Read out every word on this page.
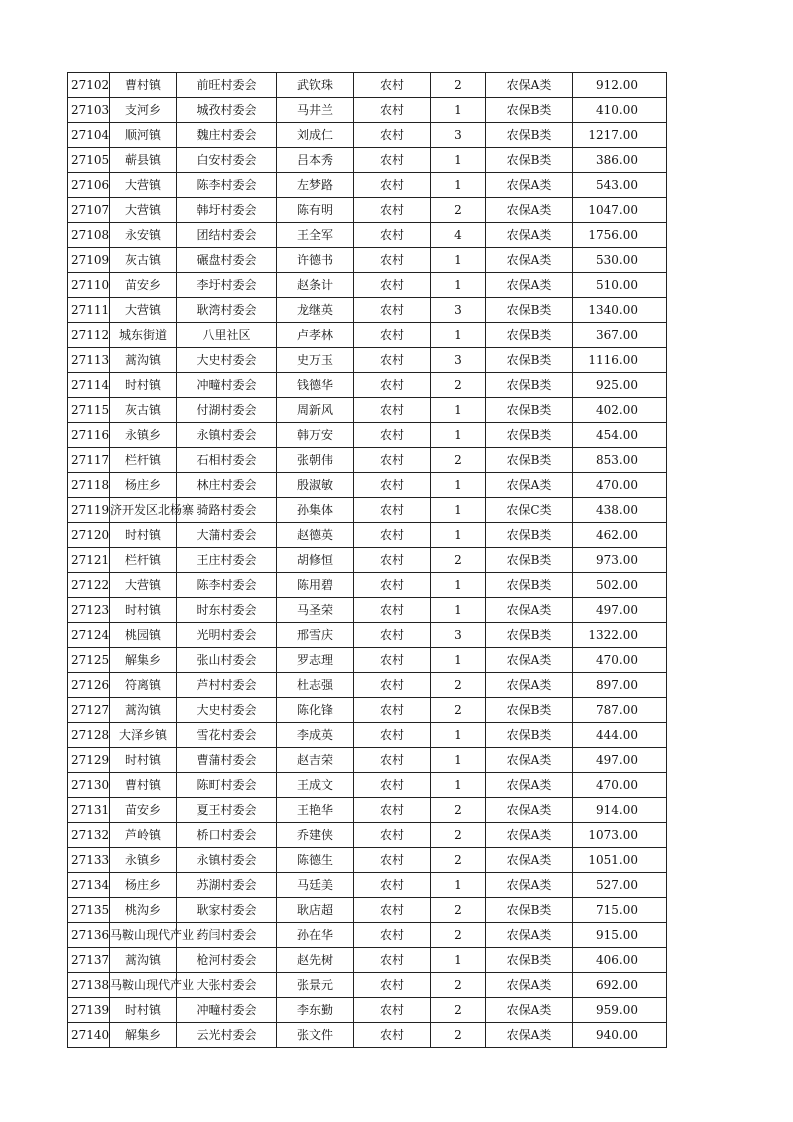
27102	曹村镇	前旺村委会	武钦珠	农村	2	农保A类	912.00
27103	支河乡	城孜村委会	马井兰	农村	1	农保B类	410.00
27104	顺河镇	魏庄村委会	刘成仁	农村	3	农保B类	1217.00
27105	蕲县镇	白安村委会	吕本秀	农村	1	农保B类	386.00
27106	大营镇	陈李村委会	左梦路	农村	1	农保A类	543.00
27107	大营镇	韩圩村委会	陈有明	农村	2	农保A类	1047.00
27108	永安镇	团结村委会	王全军	农村	4	农保A类	1756.00
27109	灰古镇	碾盘村委会	许德书	农村	1	农保A类	530.00
27110	苗安乡	李圩村委会	赵条计	农村	1	农保A类	510.00
27111	大营镇	耿湾村委会	龙继英	农村	3	农保B类	1340.00
27112	城东街道	八里社区	卢孝林	农村	1	农保B类	367.00
27113	蒿沟镇	大史村委会	史万玉	农村	3	农保B类	1116.00
27114	时村镇	冲疃村委会	钱德华	农村	2	农保B类	925.00
27115	灰古镇	付湖村委会	周新风	农村	1	农保B类	402.00
27116	永镇乡	永镇村委会	韩万安	农村	1	农保B类	454.00
27117	栏杆镇	石相村委会	张朝伟	农村	2	农保B类	853.00
27118	杨庄乡	林庄村委会	殷淑敏	农村	1	农保A类	470.00
27119	济开发区北杨寨	骑路村委会	孙集体	农村	1	农保C类	438.00
27120	时村镇	大蒲村委会	赵德英	农村	1	农保B类	462.00
27121	栏杆镇	王庄村委会	胡修恒	农村	2	农保B类	973.00
27122	大营镇	陈李村委会	陈用碧	农村	1	农保B类	502.00
27123	时村镇	时东村委会	马圣荣	农村	1	农保A类	497.00
27124	桃园镇	光明村委会	邢雪庆	农村	3	农保B类	1322.00
27125	解集乡	张山村委会	罗志理	农村	1	农保A类	470.00
27126	符离镇	芦村村委会	杜志强	农村	2	农保A类	897.00
27127	蒿沟镇	大史村委会	陈化锋	农村	2	农保B类	787.00
27128	大泽乡镇	雪花村委会	李成英	农村	1	农保B类	444.00
27129	时村镇	曹蒲村委会	赵吉荣	农村	1	农保A类	497.00
27130	曹村镇	陈町村委会	王成文	农村	1	农保A类	470.00
27131	苗安乡	夏王村委会	王艳华	农村	2	农保A类	914.00
27132	芦岭镇	桥口村委会	乔建侠	农村	2	农保A类	1073.00
27133	永镇乡	永镇村委会	陈德生	农村	2	农保A类	1051.00
27134	杨庄乡	苏湖村委会	马廷美	农村	1	农保A类	527.00
27135	桃沟乡	耿家村委会	耿店超	农村	2	农保B类	715.00
27136	马鞍山现代产业	药闫村委会	孙在华	农村	2	农保A类	915.00
27137	蒿沟镇	枪河村委会	赵先树	农村	1	农保B类	406.00
27138	马鞍山现代产业	大张村委会	张景元	农村	2	农保A类	692.00
27139	时村镇	冲疃村委会	李东勤	农村	2	农保A类	959.00
27140	解集乡	云光村委会	张文件	农村	2	农保A类	940.00
